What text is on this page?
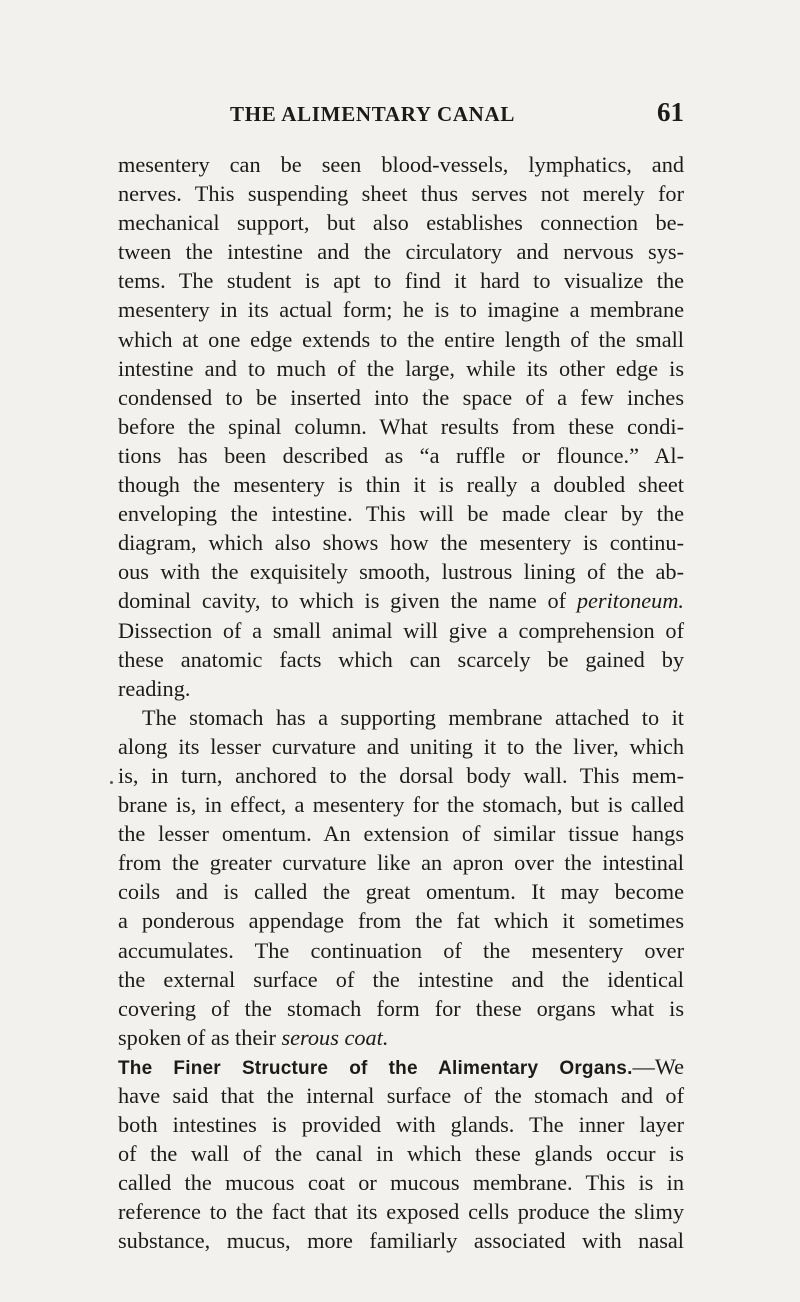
THE ALIMENTARY CANAL	61
mesentery can be seen blood-vessels, lymphatics, and
nerves. This suspending sheet thus serves not merely for
mechanical support, but also establishes connection be-
tween the intestine and the circulatory and nervous sys-
tems. The student is apt to find it hard to visualize the
mesentery in its actual form; he is to imagine a membrane
which at one edge extends to the entire length of the small
intestine and to much of the large, while its other edge is
condensed to be inserted into the space of a few inches
before the spinal column. What results from these condi-
tions has been described as “a ruffle or flounce.” Al-
though the mesentery is thin it is really a doubled sheet
enveloping the intestine. This will be made clear by the
diagram, which also shows how the mesentery is continu-
ous with the exquisitely smooth, lustrous lining of the ab-
dominal cavity, to which is given the name of peritoneum.
Dissection of a small animal will give a comprehension of
these anatomic facts which can scarcely be gained by
reading.
The stomach has a supporting membrane attached to it
along its lesser curvature and uniting it to the liver, which
is, in turn, anchored to the dorsal body wall. This mem-
brane is, in effect, a mesentery for the stomach, but is called
the lesser omentum. An extension of similar tissue hangs
from the greater curvature like an apron over the intestinal
coils and is called the great omentum. It may become
a ponderous appendage from the fat which it sometimes
accumulates. The continuation of the mesentery over
the external surface of the intestine and the identical
covering of the stomach form for these organs what is
spoken of as their serous coat.
The Finer Structure of the Alimentary Organs.—We
have said that the internal surface of the stomach and of
both intestines is provided with glands. The inner layer
of the wall of the canal in which these glands occur is
called the mucous coat or mucous membrane. This is in
reference to the fact that its exposed cells produce the slimy
substance, mucus, more familiarly associated with nasal
